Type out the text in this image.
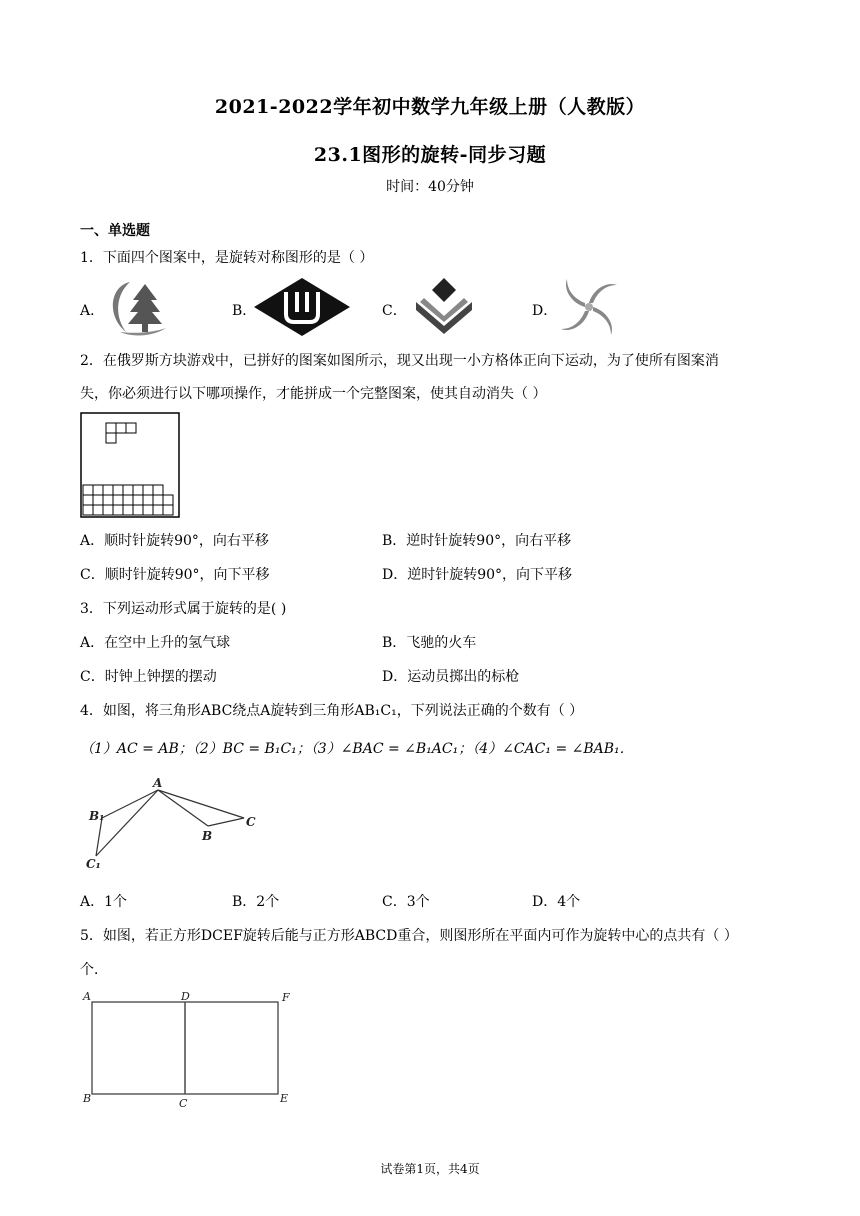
2021-2022学年初中数学九年级上册（人教版）
23.1图形的旋转-同步习题
时间：40分钟
一、单选题
1．下面四个图案中，是旋转对称图形的是（ ）
A．	B．	C．	D．
2．在俄罗斯方块游戏中，已拼好的图案如图所示，现又出现一小方格体正向下运动，为了使所有图案消
失，你必须进行以下哪项操作，才能拼成一个完整图案，使其自动消失（ ）
A．顺时针旋转90°，向右平移	B．逆时针旋转90°，向右平移
C．顺时针旋转90°，向下平移	D．逆时针旋转90°，向下平移
3．下列运动形式属于旋转的是( )
A．在空中上升的氢气球	B．飞驰的火车
C．时钟上钟摆的摆动	D．运动员掷出的标枪
4．如图，将三角形ABC绕点A旋转到三角形AB₁C₁，下列说法正确的个数有（ ）
（1）AC = AB；（2）BC = B₁C₁；（3）∠BAC = ∠B₁AC₁；（4）∠CAC₁ = ∠BAB₁．
A
B₁
C₁
B
C
A．1个	B．2个	C．3个	D．4个
5．如图，若正方形DCEF旋转后能与正方形ABCD重合，则图形所在平面内可作为旋转中心的点共有（ ）
个．
A	D	F
B	C	E
试卷第1页，共4页
